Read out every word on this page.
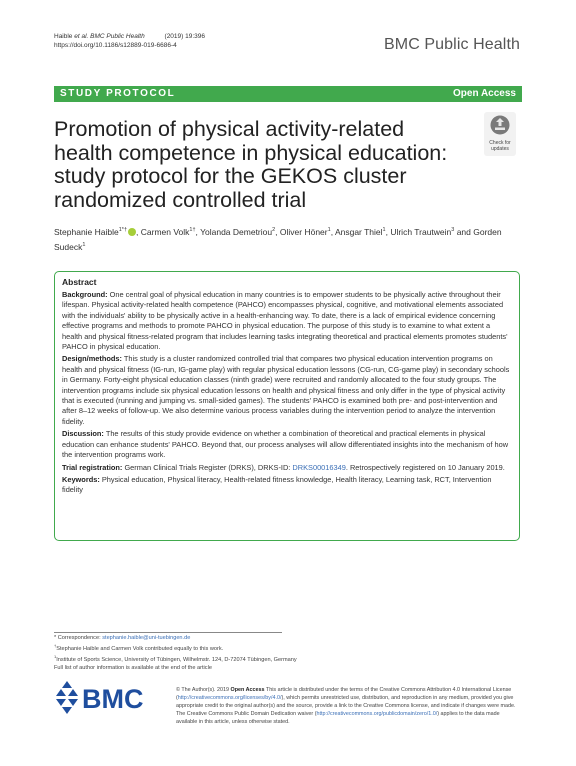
Haible et al. BMC Public Health	(2019) 19:396
https://doi.org/10.1186/s12889-019-6686-4	BMC Public Health
STUDY PROTOCOL	Open Access
Promotion of physical activity-related health competence in physical education: study protocol for the GEKOS cluster randomized controlled trial
Check for
updates
Stephanie Haible$^{1*\dagger}$ , Carmen Volk$^{1\dagger}$, Yolanda Demetriou$^2$, Oliver Höner$^1$, Ansgar Thiel$^1$, Ulrich Trautwein$^3$ and Gorden Sudeck$^1$
Abstract

Background: One central goal of physical education in many countries is to empower students to be physically active throughout their lifespan. Physical activity-related health competence (PAHCO) encompasses physical, cognitive, and motivational elements associated with the individuals' ability to be physically active in a health-enhancing way. To date, there is a lack of empirical evidence concerning effective programs and methods to promote PAHCO in physical education. The purpose of this study is to examine to what extent a health and physical fitness-related program that includes learning tasks integrating theoretical and practical elements promotes students' PAHCO in physical education.

Design/methods: This study is a cluster randomized controlled trial that compares two physical education intervention programs on health and physical fitness (IG-run, IG-game play) with regular physical education lessons (CG-run, CG-game play) in secondary schools in Germany. Forty-eight physical education classes (ninth grade) were recruited and randomly allocated to the four study groups. The intervention programs include six physical education lessons on health and physical fitness and only differ in the type of physical activity that is executed (running and jumping vs. small-sided games). The students' PAHCO is examined both pre- and post-intervention and after 8–12 weeks of follow-up. We also determine various process variables during the intervention period to analyze the intervention fidelity.

Discussion: The results of this study provide evidence on whether a combination of theoretical and practical elements in physical education can enhance students' PAHCO. Beyond that, our process analyses will allow differentiated insights into the mechanism of how the intervention programs work.

Trial registration: German Clinical Trials Register (DRKS), DRKS-ID: DRKS00016349. Retrospectively registered on 10 January 2019.

Keywords: Physical education, Physical literacy, Health-related fitness knowledge, Health literacy, Learning task, RCT, Intervention fidelity

* Correspondence: stephanie.haible@uni-tuebingen.de
†Stephanie Haible and Carmen Volk contributed equally to this work.
$^1$Institute of Sports Science, University of Tübingen, Wilhelmstr. 124, D-72074 Tübingen, Germany
Full list of author information is available at the end of the article
BMC	© The Author(s). 2019 Open Access This article is distributed under the terms of the Creative Commons Attribution 4.0 International License (http://creativecommons.org/licenses/by/4.0/), which permits unrestricted use, distribution, and reproduction in any medium, provided you give appropriate credit to the original author(s) and the source, provide a link to the Creative Commons license, and indicate if changes were made. The Creative Commons Public Domain Dedication waiver (http://creativecommons.org/publicdomain/zero/1.0/) applies to the data made available in this article, unless otherwise stated.
